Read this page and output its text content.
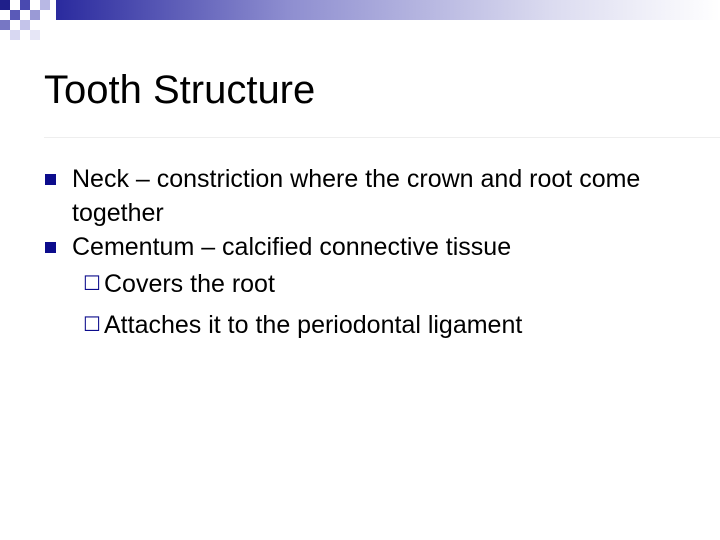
Tooth Structure
Neck – constriction where the crown and root come together
Cementum – calcified connective tissue
☐ Covers the root
☐ Attaches it to the periodontal ligament
